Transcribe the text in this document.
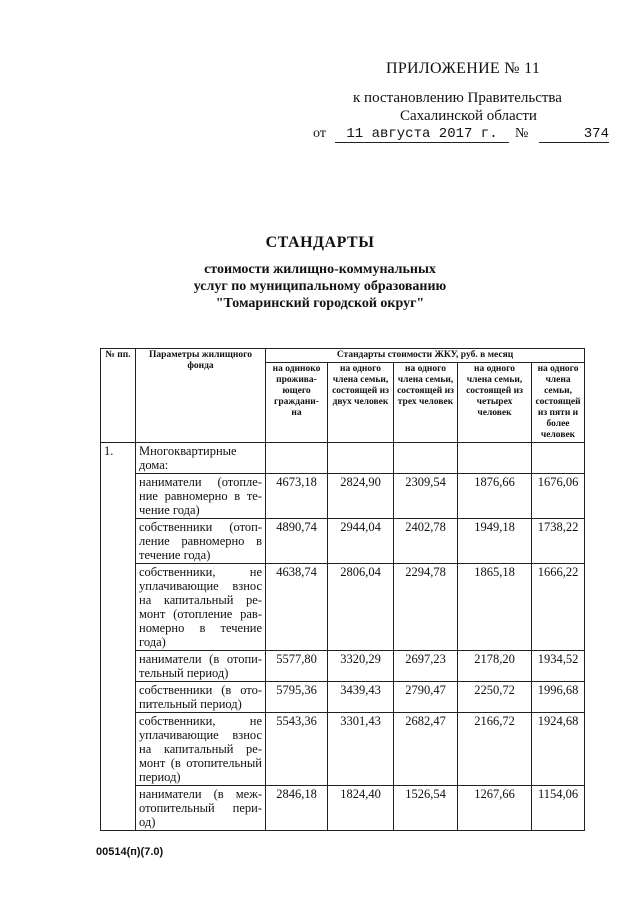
ПРИЛОЖЕНИЕ № 11
к постановлению Правительства
Сахалинской области
от	11 августа 2017 г.	№	374
СТАНДАРТЫ
стоимости жилищно-коммунальных
услуг по муниципальному образованию
"Томаринский городской округ"
№ пп.	Параметры жилищного фонда	Стандарты стоимости ЖКУ, руб. в месяц				
		на одиноко прожива-ющего граждани-на	на одного члена семьи, состоящей из двух человек	на одного члена семьи, состоящей из трех человек	на одного члена семьи, состоящей из четырех человек	на одного члена семьи, состоящей из пяти и более человек
1.	Многоквартирные дома:					
	наниматели (отопле-ние равномерно в те-чение года)	4673,18	2824,90	2309,54	1876,66	1676,06
	собственники (отоп-ление равномерно в течение года)	4890,74	2944,04	2402,78	1949,18	1738,22
	собственники, не уплачивающие взнос на капитальный ре-монт (отопление рав-номерно в течение года)	4638,74	2806,04	2294,78	1865,18	1666,22
	наниматели (в отопи-тельный период)	5577,80	3320,29	2697,23	2178,20	1934,52
	собственники (в ото-пительный период)	5795,36	3439,43	2790,47	2250,72	1996,68
	собственники, не уплачивающие взнос на капитальный ре-монт (в отопительный период)	5543,36	3301,43	2682,47	2166,72	1924,68
	наниматели (в меж-отопительный пери-од)	2846,18	1824,40	1526,54	1267,66	1154,06
00514(п)(7.0)
